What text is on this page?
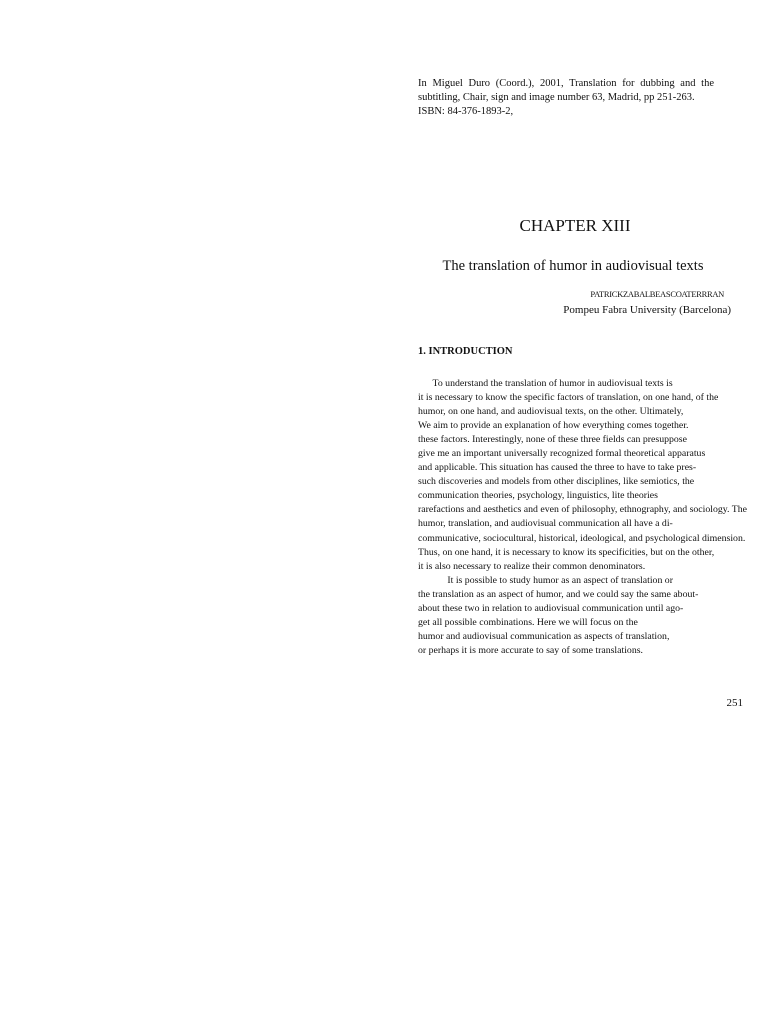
In Miguel Duro (Coord.), 2001, Translation for dubbing and the
subtitling, Chair, sign and image number 63, Madrid, pp 251-263.
ISBN: 84-376-1893-2,
CHAPTER XIII
The translation of humor in audiovisual texts
PATRICKZABALBEASCOATERRRAN
Pompeu Fabra University (Barcelona)
1. INTRODUCTION
To understand the translation of humor in audiovisual texts is
it is necessary to know the specific factors of translation, on one hand, of the
humor, on one hand, and audiovisual texts, on the other. Ultimately,
We aim to provide an explanation of how everything comes together.
these factors. Interestingly, none of these three fields can presuppose
give me an important universally recognized formal theoretical apparatus
and applicable. This situation has caused the three to have to take pres-
such discoveries and models from other disciplines, like semiotics, the
communication theories, psychology, linguistics, lite theories
rarefactions and aesthetics and even of philosophy, ethnography, and sociology. The
humor, translation, and audiovisual communication all have a di-
communicative, sociocultural, historical, ideological, and psychological dimension.
Thus, on one hand, it is necessary to know its specificities, but on the other,
it is also necessary to realize their common denominators.
It is possible to study humor as an aspect of translation or
the translation as an aspect of humor, and we could say the same about-
about these two in relation to audiovisual communication until ago-
get all possible combinations. Here we will focus on the
humor and audiovisual communication as aspects of translation,
or perhaps it is more accurate to say of some translations.
251
